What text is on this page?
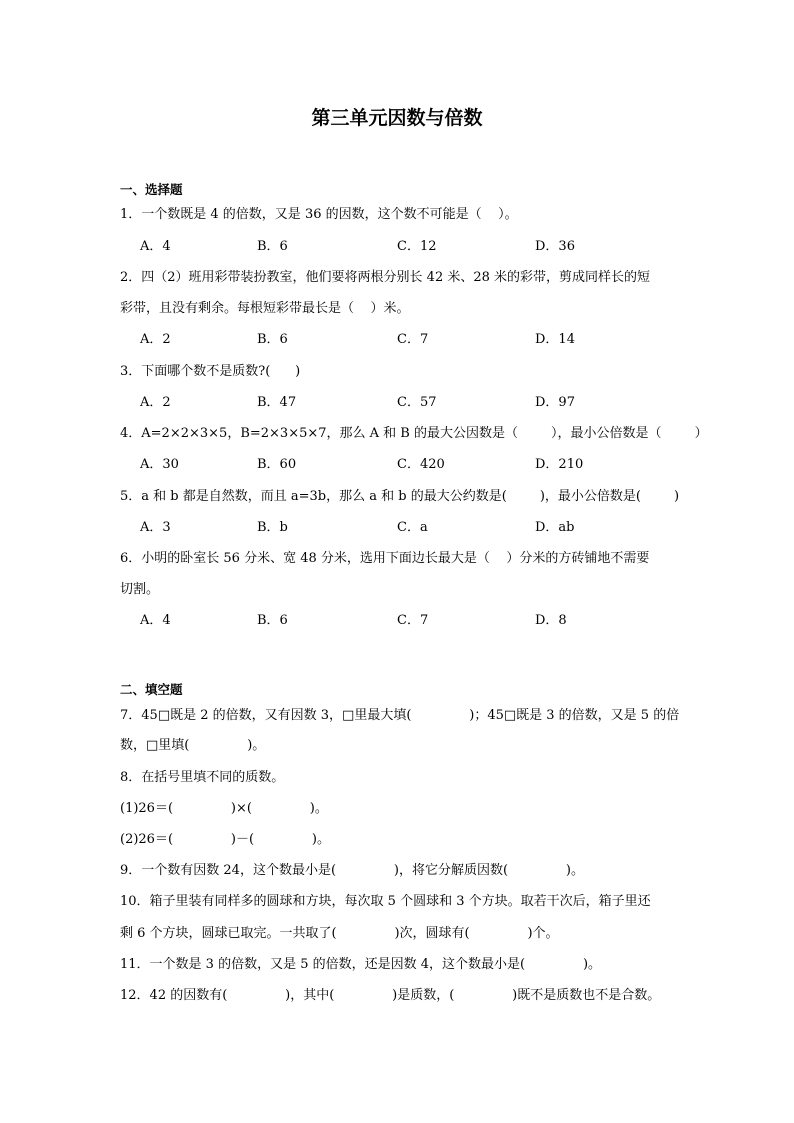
第三单元因数与倍数
一、选择题
1．一个数既是 4 的倍数，又是 36 的因数，这个数不可能是（    ）。
A．4	B．6	C．12	D．36
2．四（2）班用彩带装扮教室，他们要将两根分别长 42 米、28 米的彩带，剪成同样长的短
彩带，且没有剩余。每根短彩带最长是（    ）米。
A．2	B．6	C．7	D．14
3．下面哪个数不是质数?(      )
A．2	B．47	C．57	D．97
4．A=2×2×3×5，B=2×3×5×7，那么 A 和 B 的最大公因数是（        ），最小公倍数是（        ）
A．30	B．60	C．420	D．210
5．a 和 b 都是自然数，而且 a=3b，那么 a 和 b 的最大公约数是(        )，最小公倍数是(        )
A．3	B．b	C．a	D．ab
6．小明的卧室长 56 分米、宽 48 分米，选用下面边长最大是（    ）分米的方砖铺地不需要
切割。
A．4	B．6	C．7	D．8
二、填空题
7．45□既是 2 的倍数，又有因数 3，□里最大填(              )；45□既是 3 的倍数，又是 5 的倍
数，□里填(              )。
8．在括号里填不同的质数。
(1)26＝(              )×(              )。
(2)26＝(              )－(              )。
9．一个数有因数 24，这个数最小是(              )，将它分解质因数(              )。
10．箱子里装有同样多的圆球和方块，每次取 5 个圆球和 3 个方块。取若干次后，箱子里还
剩 6 个方块，圆球已取完。一共取了(              )次，圆球有(              )个。
11．一个数是 3 的倍数，又是 5 的倍数，还是因数 4，这个数最小是(              )。
12．42 的因数有(              )，其中(              )是质数，(              )既不是质数也不是合数。
